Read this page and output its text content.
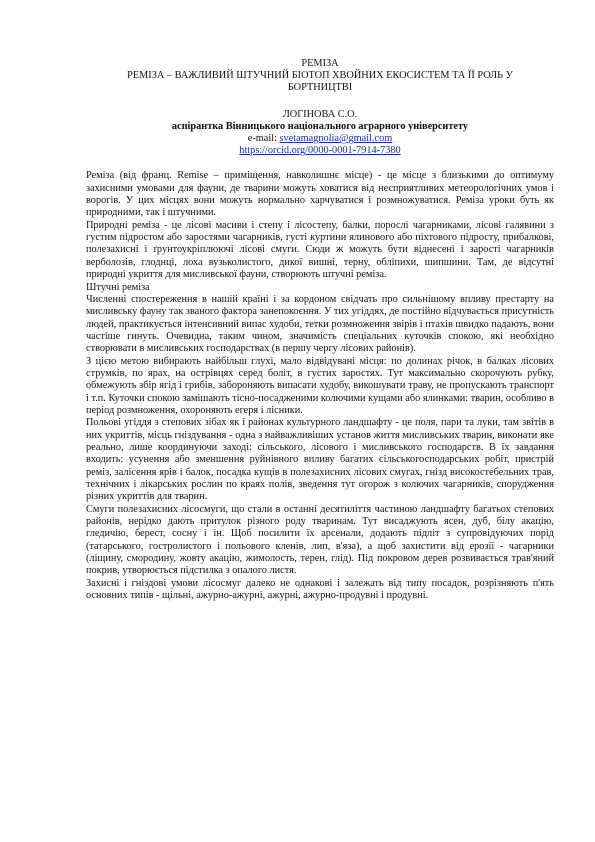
РЕМІЗА

РЕМІЗА – ВАЖЛИВИЙ ШТУЧНИЙ БІОТОП ХВОЙНИХ ЕКОСИСТЕМ ТА ЇЇ РОЛЬ У

БОРТНИЦТВІ

ЛОГІНОВА С.О.

аспірантка Вінницького національного аграрного університету

e-mail: svetamagnolia@gmail.com

https://orcid.org/0000-0001-7914-7380

Реміза (від франц. Remise – приміщення, навколишнє місце) - це місце з близькими до оптимуму захисними умовами для фауни, де тварини можуть ховатися від несприятливих метеорологічних умов і ворогів. У цих місцях вони можуть нормально харчуватися і розмножуватися. Реміза уроки буть як природними, так і штучними.

Природні реміза - це лісові масиви і степу і лісостепу, балки, порослі чагарниками, лісові галявини з густим підростом або заростями чагарників, густі куртини ялинового або піхтового підросту, прибалкові, полезахисні і ґрунтоукріплюючі лісові смуги. Сюди ж можуть бути віднесені і зарості чагарників верболозів, глоднці, лоха вузьколистого, дикої вишні, терну, обліпихи, шипшини. Там, де відсутні природні укриття для мисливської фауни, створюють штучні реміза.

Штучні реміза

Численні спостереження в нашій країні і за кордоном свідчать про сильнішому впливу престарту на мисливську фауну так званого фактора занепокоєння. У тих угіддях, де постійно відчувається присутність людей, практикується інтенсивний випас худоби, тетки розмноження звірів і птахів швидко падають, вони частіше гинуть. Очевидна, таким чином, значимість спеціальних куточків спокою, які необхідно створювати в мисливських господарствах (в першу чергу лісових районів).

З цією метою вибирають найбільш глухі, мало відвідувані місця: по долинах річок, в балках лісових струмків, по ярах, на острівцях серед боліт, в густих заростях. Тут максимально скорочують рубку, обмежують збір ягід і грибів, забороняють випасати худобу, викошувати траву, не пропускають транспорт і т.п. Куточки спокою замішають тісно-посадженими колючими кущами або ялинками: тварин, особливо в період розмноження, охороняють егеря і лісники.

Польові угіддя з степових зібах як і районах культурного ландшафту - це поля, пари та луки, там звітів в них укриттів, місць гніздування - одна з найважливіших установ життя мисливських тварин, виконати яке реально, лише координуючи заході: сільського, лісового і мисливського господарств. В їх завдання входить: усунення або зменшення руйнівного впливу багатих сільськогосподарських робіт, пристрій реміз, залісення ярів і балок, посадка кущів в полезахисних лісових смугах, гнізд високостебельних трав, технічних і лікарських рослин по краях полів, зведення тут огорож з колючих чагарників, спорудження різних укриттів для тварин.

Смуги полезахисних лісосмуги, що стали в останні десятиліття частиною ландшафту багатьох степових районів, нерідко дають притулок різного роду тваринам. Тут висаджують ясен, дуб, білу акацію, гледичію, берест, сосну і ін. Щоб посилити їх арсенали, додають підліт з супровідуючих порід (татарського, гостролистого і польового кленів, лип, в'яза), а щоб захистити від ерозії - чагарники (ліщину, смородину, жовту акацію, жимолость, терен, глід). Під покровом дерев розвивається трав'яний покрив, утворюється підстилка з опалого листя.

Захисні і гніздові умови лісосмуг далеко не однакові і залежать від типу посадок, розрізняють п'ять основних типів - щільні, ажурно-ажурні, ажурні, ажурно-продувні і продувні.
